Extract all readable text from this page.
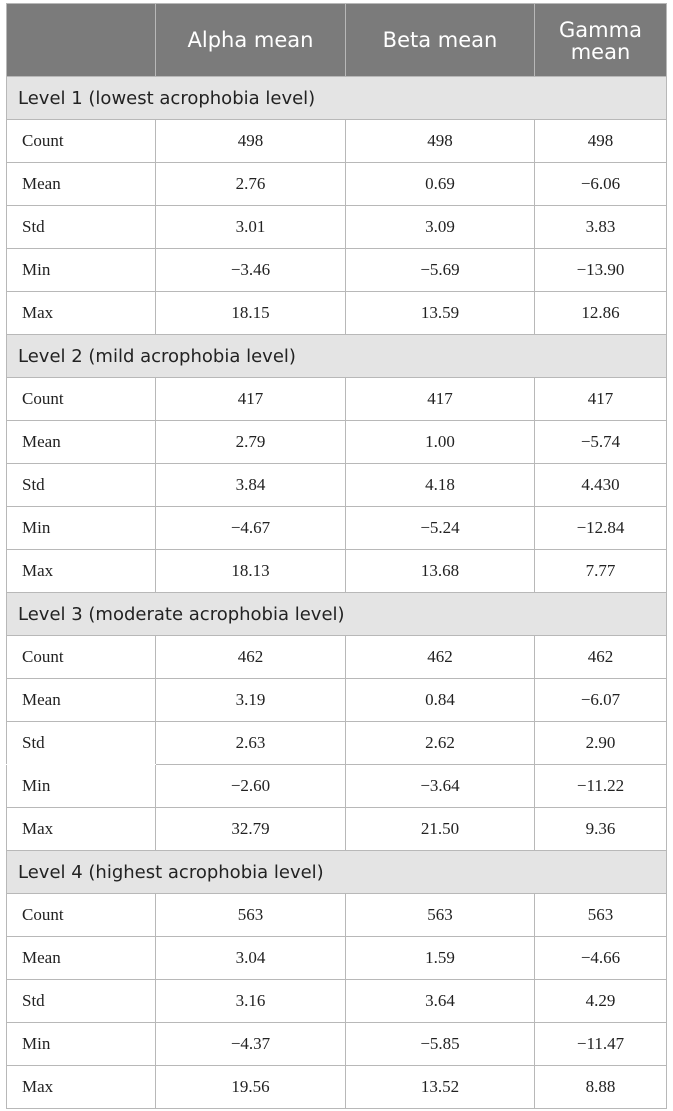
	Alpha mean	Beta mean	Gamma mean
Level 1 (lowest acrophobia level)			
Count	498	498	498
Mean	2.76	0.69	−6.06
Std	3.01	3.09	3.83
Min	−3.46	−5.69	−13.90
Max	18.15	13.59	12.86
Level 2 (mild acrophobia level)			
Count	417	417	417
Mean	2.79	1.00	−5.74
Std	3.84	4.18	4.430
Min	−4.67	−5.24	−12.84
Max	18.13	13.68	7.77
Level 3 (moderate acrophobia level)			
Count	462	462	462
Mean	3.19	0.84	−6.07
Std	2.63	2.62	2.90
Min	−2.60	−3.64	−11.22
Max	32.79	21.50	9.36
Level 4 (highest acrophobia level)			
Count	563	563	563
Mean	3.04	1.59	−4.66
Std	3.16	3.64	4.29
Min	−4.37	−5.85	−11.47
Max	19.56	13.52	8.88
